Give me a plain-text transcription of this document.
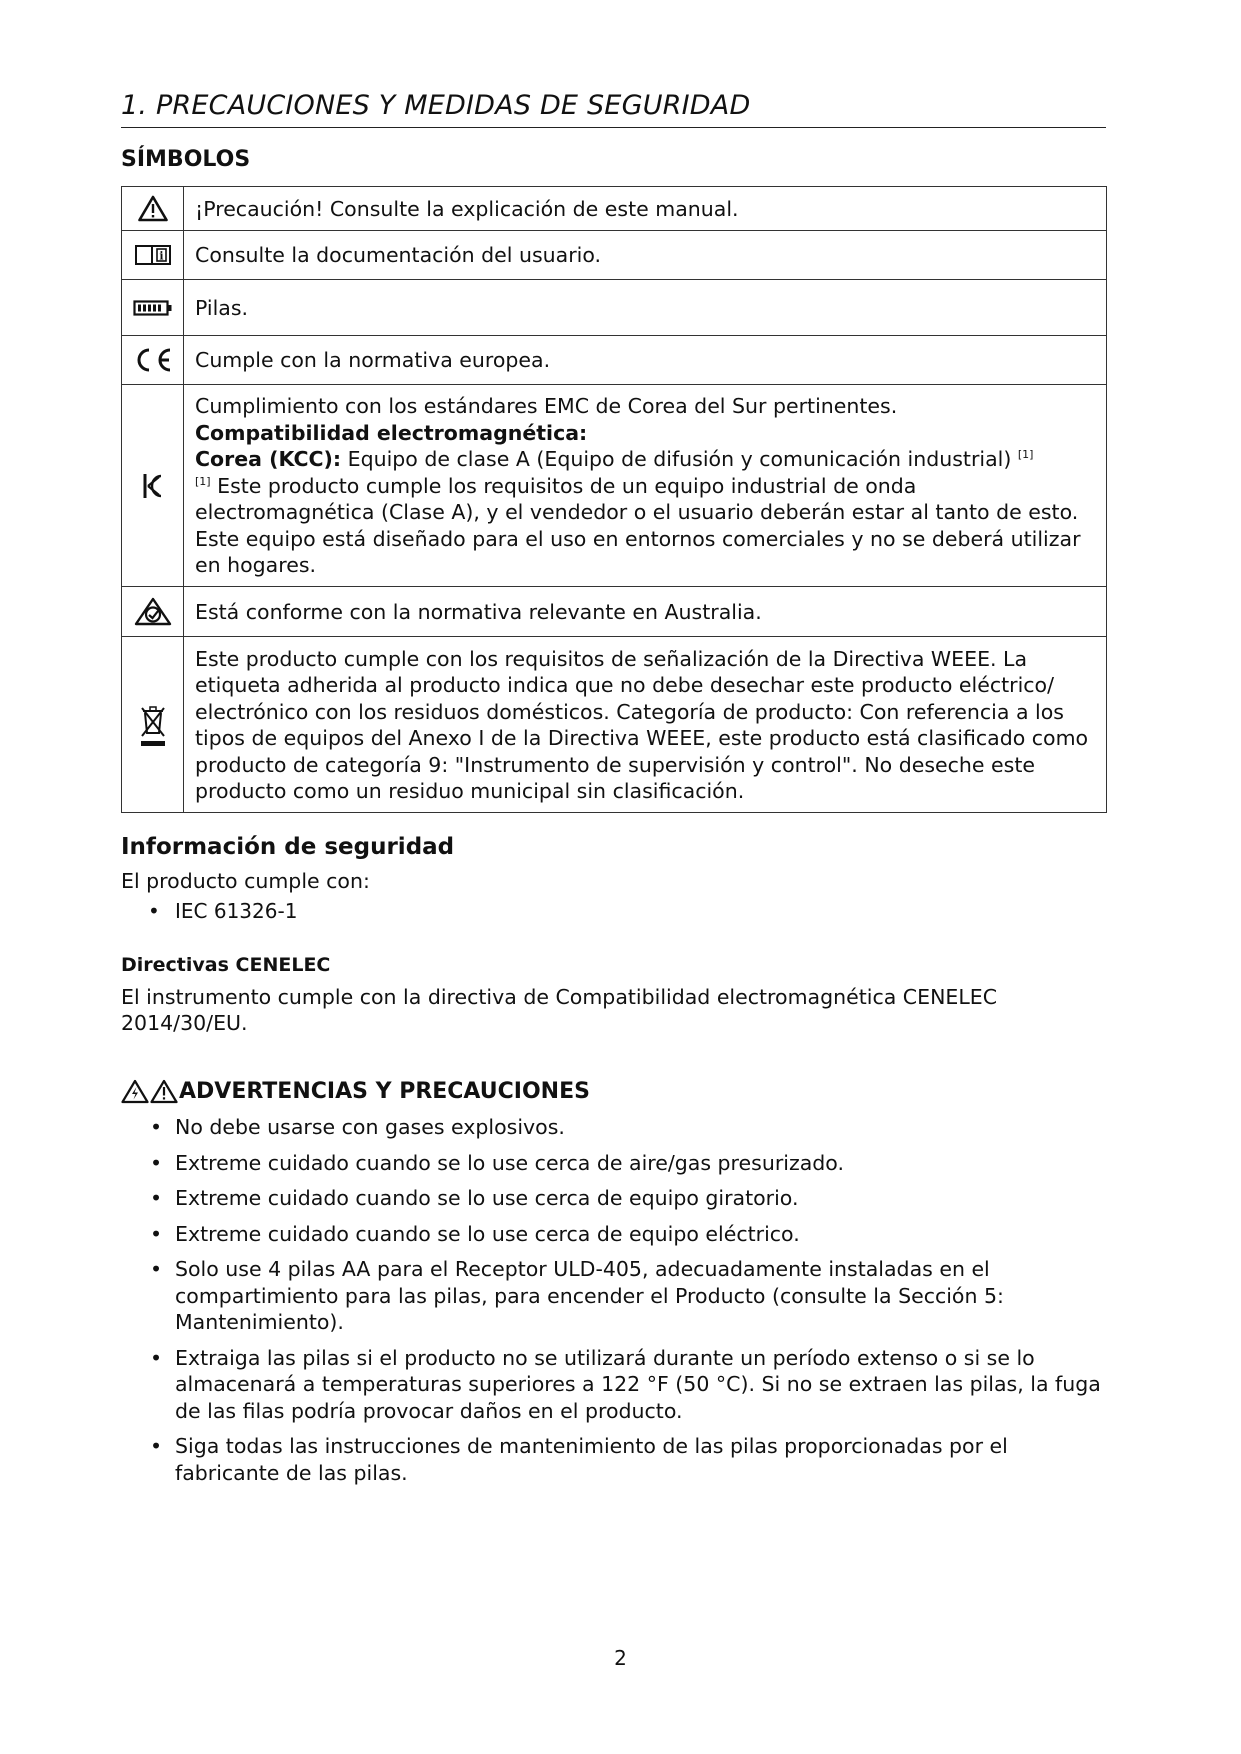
1. PRECAUCIONES Y MEDIDAS DE SEGURIDAD
SÍMBOLOS
	¡Precaución! Consulte la explicación de este manual.

i	Consulte la documentación del usuario.

	Pilas.

	Cumple con la normativa europea.

Cumplimiento con los estándares EMC de Corea del Sur pertinentes.
Compatibilidad electromagnética:
Corea (KCC): Equipo de clase A (Equipo de difusión y comunicación industrial) [1]
[1] Este producto cumple los requisitos de un equipo industrial de onda electromagnética (Clase A), y el vendedor o el usuario deberán estar al tanto de esto. Este equipo está diseñado para el uso en entornos comerciales y no se deberá utilizar en hogares.

	Está conforme con la normativa relevante en Australia.

	Este producto cumple con los requisitos de señalización de la Directiva WEEE. La etiqueta adherida al producto indica que no debe desechar este producto eléctrico/ electrónico con los residuos domésticos. Categoría de producto: Con referencia a los tipos de equipos del Anexo I de la Directiva WEEE, este producto está clasificado como producto de categoría 9: "Instrumento de supervisión y control". No deseche este producto como un residuo municipal sin clasificación.
Información de seguridad
El producto cumple con:
• IEC 61326-1
Directivas CENELEC
El instrumento cumple con la directiva de Compatibilidad electromagnética CENELEC 2014/30/EU.
ADVERTENCIAS Y PRECAUCIONES
• No debe usarse con gases explosivos.
• Extreme cuidado cuando se lo use cerca de aire/gas presurizado.
• Extreme cuidado cuando se lo use cerca de equipo giratorio.
• Extreme cuidado cuando se lo use cerca de equipo eléctrico.
• Solo use 4 pilas AA para el Receptor ULD-405, adecuadamente instaladas en el compartimiento para las pilas, para encender el Producto (consulte la Sección 5: Mantenimiento).
• Extraiga las pilas si el producto no se utilizará durante un período extenso o si se lo almacenará a temperaturas superiores a 122 °F (50 °C). Si no se extraen las pilas, la fuga de las filas podría provocar daños en el producto.
• Siga todas las instrucciones de mantenimiento de las pilas proporcionadas por el fabricante de las pilas.
2
